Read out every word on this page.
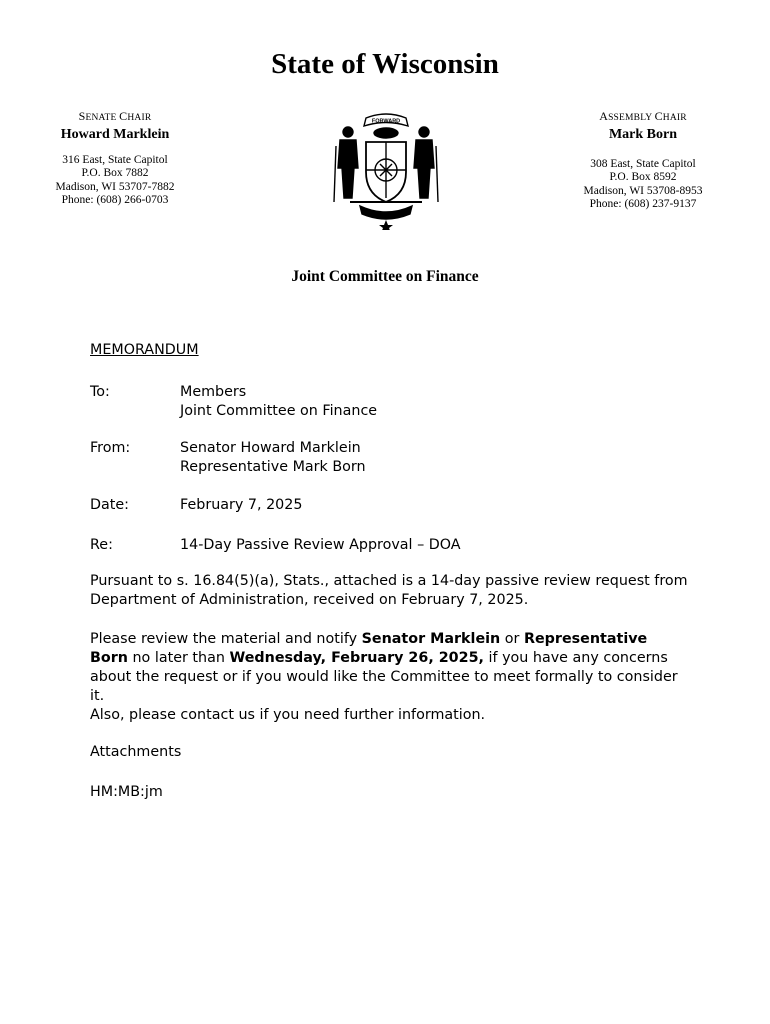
State of Wisconsin
SENATE CHAIR
Howard Marklein
316 East, State Capitol
P.O. Box 7882
Madison, WI 53707-7882
Phone: (608) 266-0703
FORWARD	ASSEMBLY CHAIR
Mark Born
308 East, State Capitol
P.O. Box 8592
Madison, WI 53708-8953
Phone: (608) 237-9137
Joint Committee on Finance
MEMORANDUM
To:	Members
Joint Committee on Finance
From:	Senator Howard Marklein
Representative Mark Born
Date:	February 7, 2025
Re:	14-Day Passive Review Approval – DOA
Pursuant to s. 16.84(5)(a), Stats., attached is a 14-day passive review request from Department of Administration, received on February 7, 2025.
Please review the material and notify Senator Marklein or Representative Born no later than Wednesday, February 26, 2025, if you have any concerns about the request or if you would like the Committee to meet formally to consider it.
Also, please contact us if you need further information.
Attachments
HM:MB:jm
